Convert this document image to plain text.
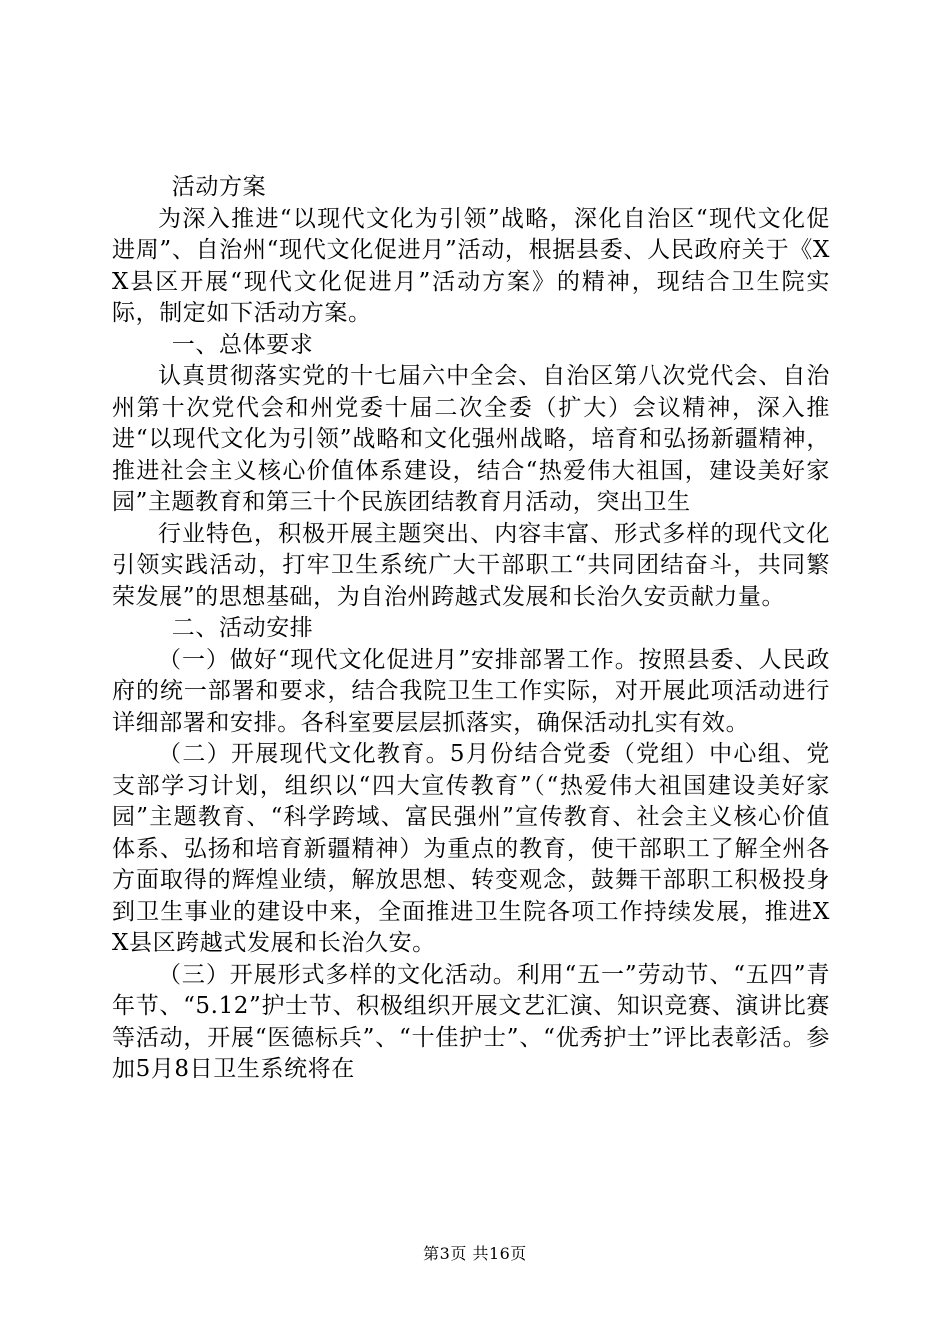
活动方案

为深入推进“以现代文化为引领”战略，深化自治区“现代文化促进周”、自治州“现代文化促进月”活动，根据县委、人民政府关于《XX县区开展“现代文化促进月”活动方案》的精神，现结合卫生院实际，制定如下活动方案。

一、总体要求

认真贯彻落实党的十七届六中全会、自治区第八次党代会、自治州第十次党代会和州党委十届二次全委（扩大）会议精神，深入推进“以现代文化为引领”战略和文化强州战略，培育和弘扬新疆精神，推进社会主义核心价值体系建设，结合“热爱伟大祖国，建设美好家园”主题教育和第三十个民族团结教育月活动，突出卫生

行业特色，积极开展主题突出、内容丰富、形式多样的现代文化引领实践活动，打牢卫生系统广大干部职工“共同团结奋斗，共同繁荣发展”的思想基础，为自治州跨越式发展和长治久安贡献力量。

二、活动安排

（一）做好“现代文化促进月”安排部署工作。按照县委、人民政府的统一部署和要求，结合我院卫生工作实际，对开展此项活动进行详细部署和安排。各科室要层层抓落实，确保活动扎实有效。

（二）开展现代文化教育。5月份结合党委（党组）中心组、党支部学习计划，组织以“四大宣传教育”（“热爱伟大祖国建设美好家园”主题教育、“科学跨域、富民强州”宣传教育、社会主义核心价值体系、弘扬和培育新疆精神）为重点的教育，使干部职工了解全州各方面取得的辉煌业绩，解放思想、转变观念，鼓舞干部职工积极投身到卫生事业的建设中来，全面推进卫生院各项工作持续发展，推进XX县区跨越式发展和长治久安。

（三）开展形式多样的文化活动。利用“五一”劳动节、“五四”青年节、“5.12”护士节、积极组织开展文艺汇演、知识竞赛、演讲比赛等活动，开展“医德标兵”、“十佳护士”、“优秀护士”评比表彰活。参加5月8日卫生系统将在

第3页 共16页
